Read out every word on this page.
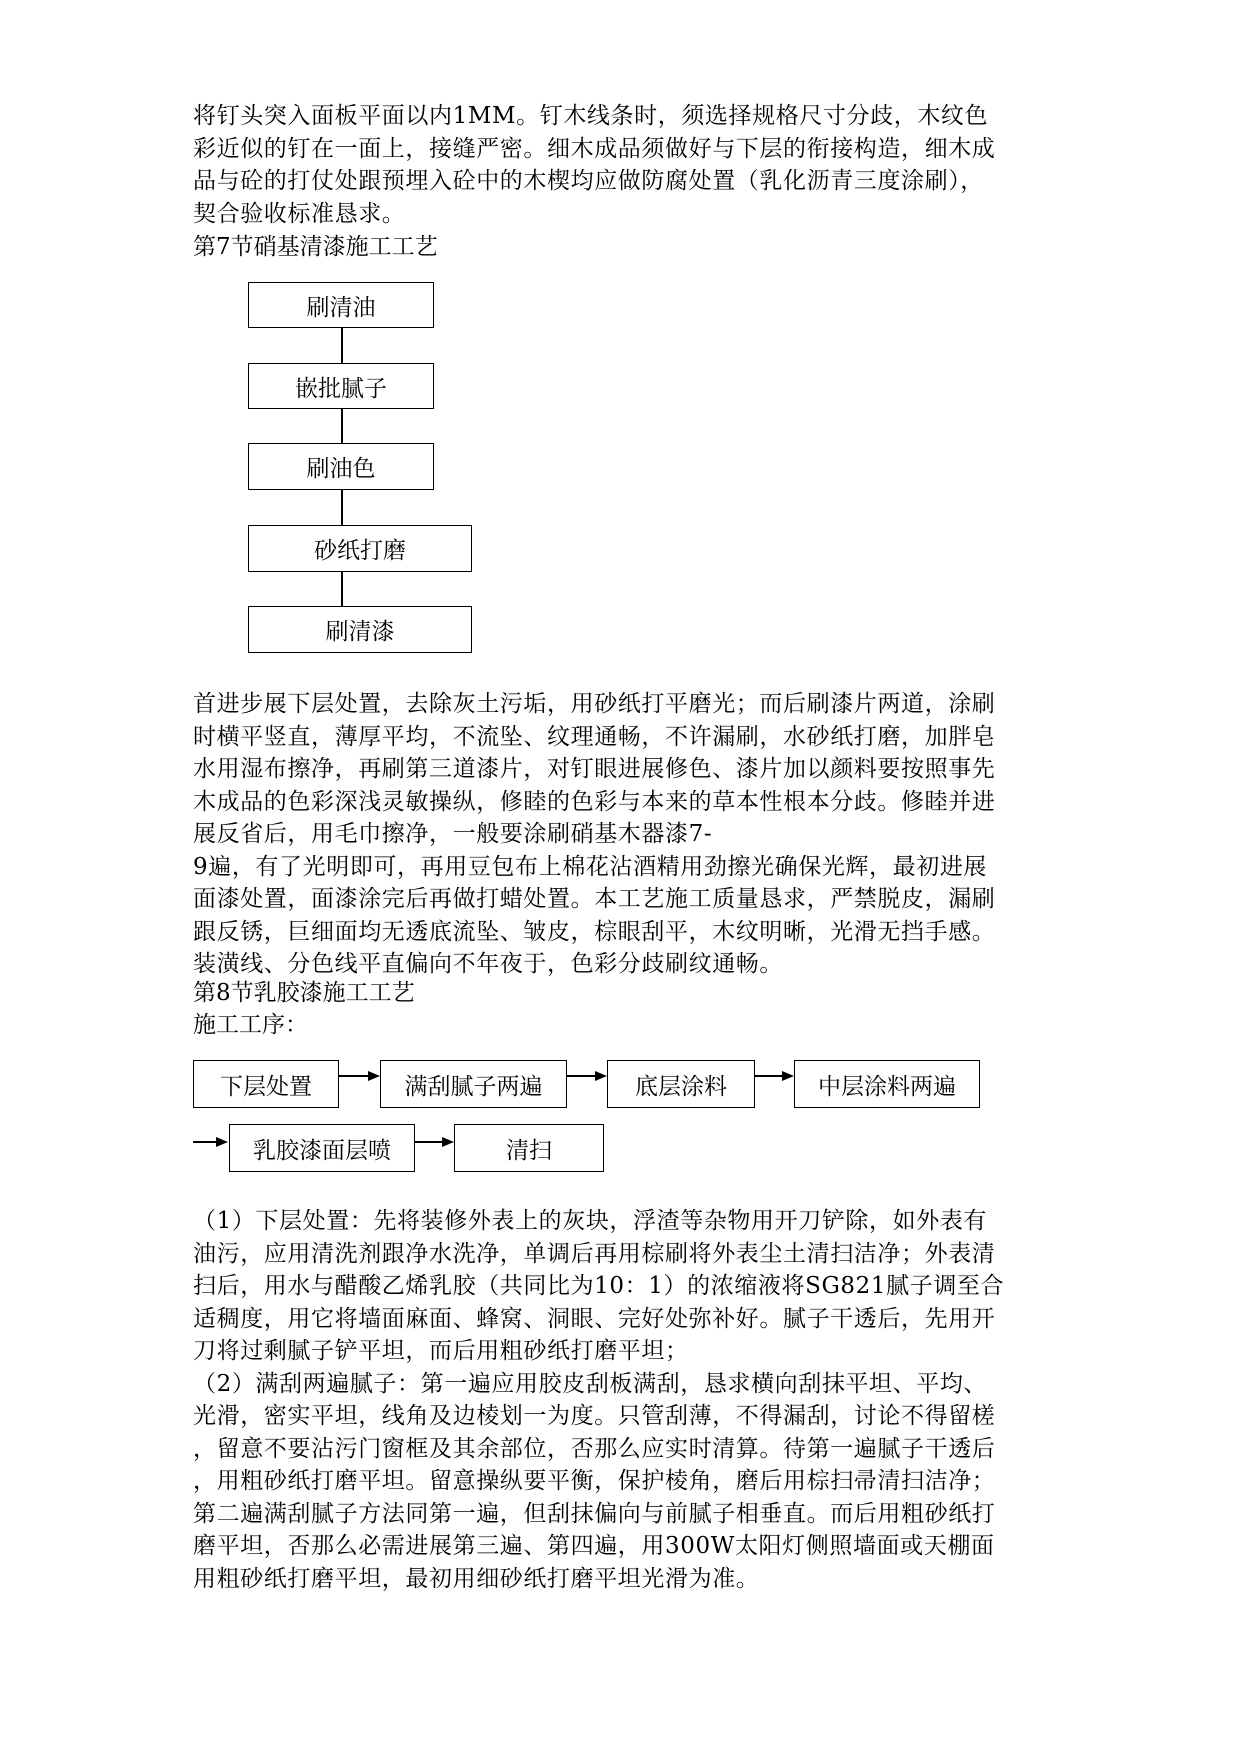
将钉头突入面板平面以内1MM。钉木线条时，须选择规格尺寸分歧，木纹色
彩近似的钉在一面上，接缝严密。细木成品须做好与下层的衔接构造，细木成
品与砼的打仗处跟预埋入砼中的木楔均应做防腐处置（乳化沥青三度涂刷），
契合验收标准恳求。
第7节硝基清漆施工工艺
刷清油
嵌批腻子
刷油色
砂纸打磨
刷清漆
首进步展下层处置，去除灰土污垢，用砂纸打平磨光；而后刷漆片两道，涂刷
时横平竖直，薄厚平均，不流坠、纹理通畅，不许漏刷，水砂纸打磨，加胖皂
水用湿布擦净，再刷第三道漆片，对钉眼进展修色、漆片加以颜料要按照事先
木成品的色彩深浅灵敏操纵，修睦的色彩与本来的草本性根本分歧。修睦并进
展反省后，用毛巾擦净，一般要涂刷硝基木器漆7-
9遍，有了光明即可，再用豆包布上棉花沾酒精用劲擦光确保光辉，最初进展
面漆处置，面漆涂完后再做打蜡处置。本工艺施工质量恳求，严禁脱皮，漏刷
跟反锈，巨细面均无透底流坠、皱皮，棕眼刮平，木纹明晰，光滑无挡手感。
装潢线、分色线平直偏向不年夜于，色彩分歧刷纹通畅。
第8节乳胶漆施工工艺
施工工序：
下层处置	满刮腻子两遍	底层涂料	中层涂料两遍
乳胶漆面层喷	清扫
（1）下层处置：先将装修外表上的灰块，浮渣等杂物用开刀铲除，如外表有
油污，应用清洗剂跟净水洗净，单调后再用棕刷将外表尘土清扫洁净；外表清
扫后，用水与醋酸乙烯乳胶（共同比为10：1）的浓缩液将SG821腻子调至合
适稠度，用它将墙面麻面、蜂窝、洞眼、完好处弥补好。腻子干透后，先用开
刀将过剩腻子铲平坦，而后用粗砂纸打磨平坦；
（2）满刮两遍腻子：第一遍应用胶皮刮板满刮，恳求横向刮抹平坦、平均、
光滑，密实平坦，线角及边棱划一为度。只管刮薄，不得漏刮，讨论不得留槎
，留意不要沾污门窗框及其余部位，否那么应实时清算。待第一遍腻子干透后
，用粗砂纸打磨平坦。留意操纵要平衡，保护棱角，磨后用棕扫帚清扫洁净；
第二遍满刮腻子方法同第一遍，但刮抹偏向与前腻子相垂直。而后用粗砂纸打
磨平坦，否那么必需进展第三遍、第四遍，用300W太阳灯侧照墙面或天棚面
用粗砂纸打磨平坦，最初用细砂纸打磨平坦光滑为准。
